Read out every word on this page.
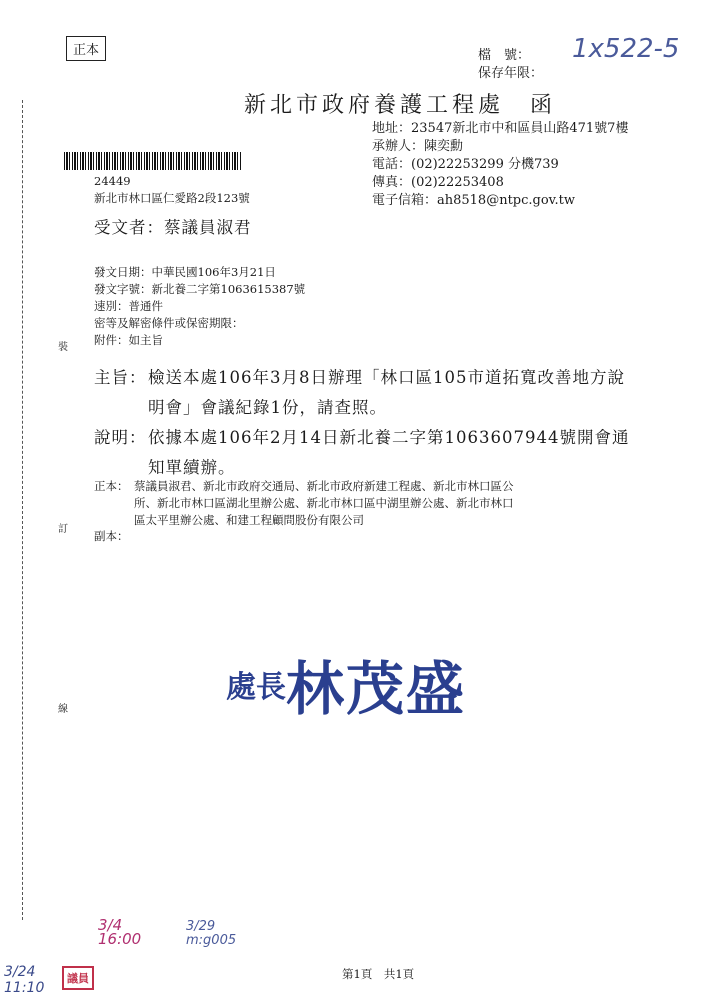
裝
訂
線
正本	檔　號： 1x522-5
保存年限：
新北市政府養護工程處　函
地址：23547新北市中和區員山路471號7樓
承辦人：陳奕勳
電話：(02)22253299 分機739
傳真：(02)22253408
電子信箱：ah8518@ntpc.gov.tw
24449
新北市林口區仁愛路2段123號
受文者：蔡議員淑君
發文日期：中華民國106年3月21日
發文字號：新北養二字第1063615387號
速別：普通件
密等及解密條件或保密期限：
附件：如主旨
主旨： 檢送本處106年3月8日辦理「林口區105市道拓寬改善地方說
明會」會議紀錄1份，請查照。
說明： 依據本處106年2月14日新北養二字第1063607944號開會通
知單續辦。
正本： 蔡議員淑君、新北市政府交通局、新北市政府新建工程處、新北市林口區公
所、新北市林口區湖北里辦公處、新北市林口區中湖里辦公處、新北市林口
區太平里辦公處、和建工程顧問股份有限公司
副本：
處長 林茂盛
3/29
m:g005
3/4
16:00
3/24
11:10
議員	第1頁　共1頁
